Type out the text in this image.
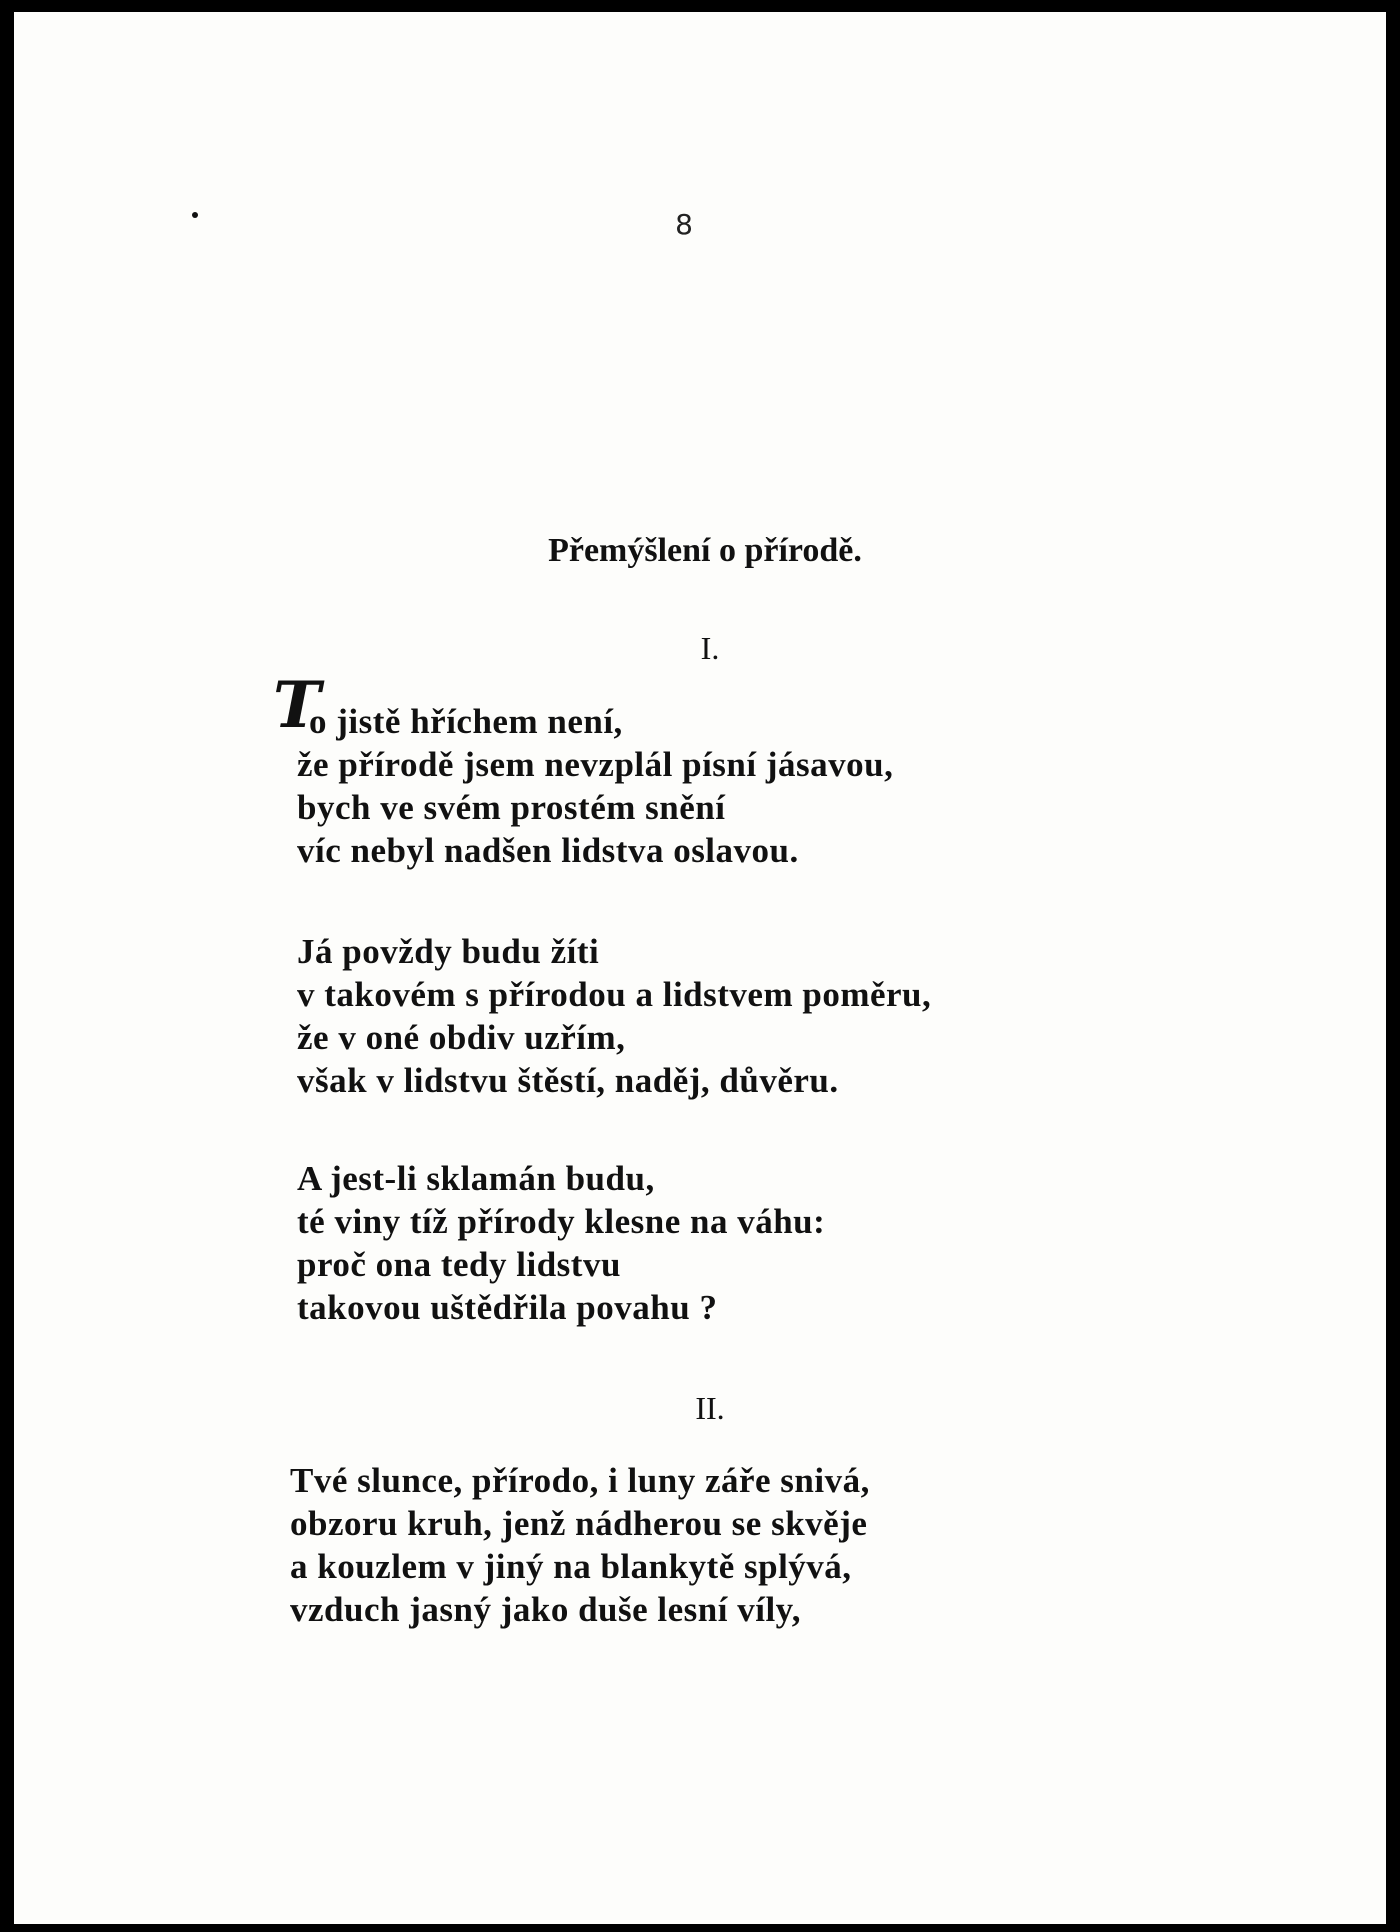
8
Přemýšlení o přírodě.
I.
T
o jistě hříchem není,
že přírodě jsem nevzplál písní jásavou,
bych ve svém prostém snění
víc nebyl nadšen lidstva oslavou.
Já povždy budu žíti
v takovém s přírodou a lidstvem poměru,
že v oné obdiv uzřím,
však v lidstvu štěstí, naděj, důvěru.
A jest-li sklamán budu,
té viny tíž přírody klesne na váhu:
proč ona tedy lidstvu
takovou uštědřila povahu ?
II.
Tvé slunce, přírodo, i luny záře snivá,
obzoru kruh, jenž nádherou se skvěje
a kouzlem v jiný na blankytě splývá,
vzduch jasný jako duše lesní víly,
